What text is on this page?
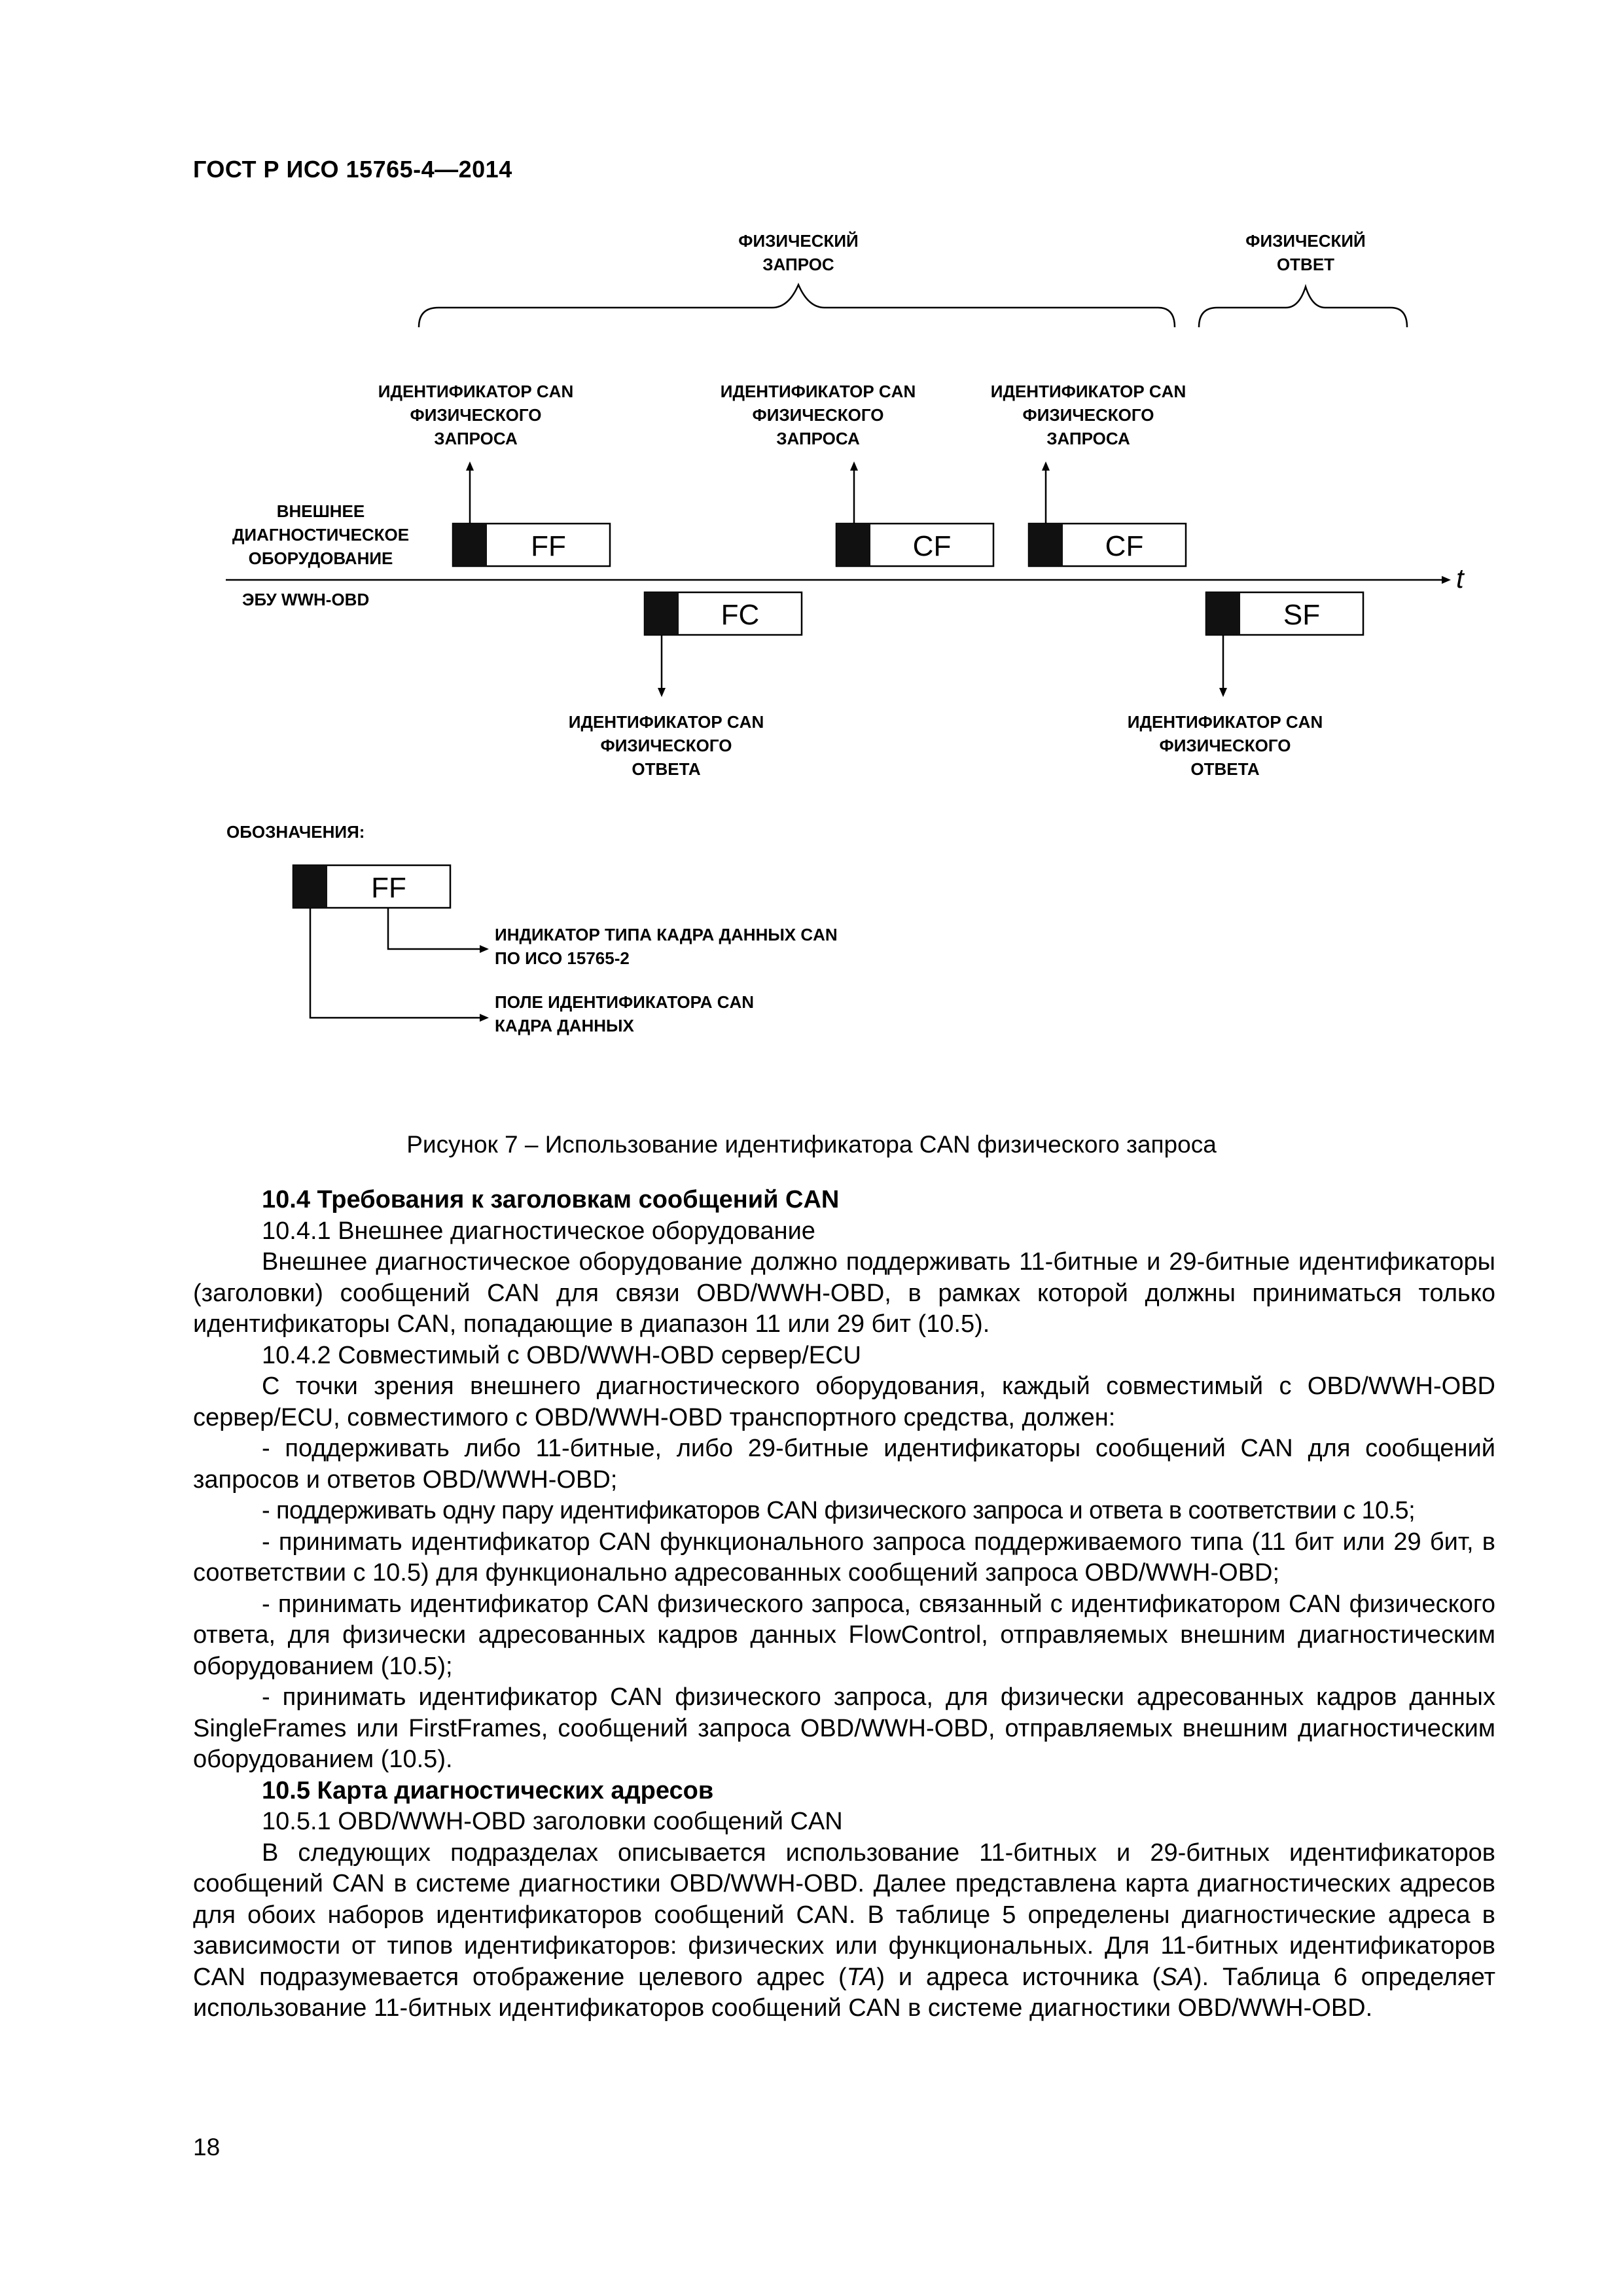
ГОСТ Р ИСО 15765-4—2014
ФИЗИЧЕСКИЙ
ЗАПРОС
ФИЗИЧЕСКИЙ
ОТВЕТ
ИДЕНТИФИКАТОР CAN
ФИЗИЧЕСКОГО
ЗАПРОСА
ИДЕНТИФИКАТОР CAN
ФИЗИЧЕСКОГО
ЗАПРОСА
ИДЕНТИФИКАТОР CAN
ФИЗИЧЕСКОГО
ЗАПРОСА
ВНЕШНЕЕ
ДИАГНОСТИЧЕСКОЕ
ОБОРУДОВАНИЕ
ЭБУ WWH-OBD
t
FF	CF	CF
FC	SF
ИДЕНТИФИКАТОР CAN
ФИЗИЧЕСКОГО
ОТВЕТА
ИДЕНТИФИКАТОР CAN
ФИЗИЧЕСКОГО
ОТВЕТА
ОБОЗНАЧЕНИЯ:
FF
ИНДИКАТОР ТИПА КАДРА ДАННЫХ CAN
ПО ИСО 15765-2
ПОЛЕ ИДЕНТИФИКАТОРА CAN
КАДРА ДАННЫХ
Рисунок 7 – Использование идентификатора CAN физического запроса

10.4 Требования к заголовкам сообщений CAN

10.4.1 Внешнее диагностическое оборудование

Внешнее диагностическое оборудование должно поддерживать 11-битные и 29-битные идентификаторы (заголовки) сообщений CAN для связи OBD/WWH-OBD, в рамках которой должны приниматься только идентификаторы CAN, попадающие в диапазон 11 или 29 бит (10.5).

10.4.2 Совместимый с OBD/WWH-OBD сервер/ECU

С точки зрения внешнего диагностического оборудования, каждый совместимый с OBD/WWH-OBD сервер/ECU, совместимого с OBD/WWH-OBD транспортного средства, должен:

- поддерживать либо 11-битные, либо 29-битные идентификаторы сообщений CAN для сообщений запросов и ответов OBD/WWH-OBD;

- поддерживать одну пару идентификаторов CAN физического запроса и ответа в соответствии с 10.5;

- принимать идентификатор CAN функционального запроса поддерживаемого типа (11 бит или 29 бит, в соответствии с 10.5) для функционально адресованных сообщений запроса OBD/WWH-OBD;

- принимать идентификатор CAN физического запроса, связанный с идентификатором CAN физического ответа, для физически адресованных кадров данных FlowControl, отправляемых внешним диагностическим оборудованием (10.5);

- принимать идентификатор CAN физического запроса, для физически адресованных кадров данных SingleFrames или FirstFrames, сообщений запроса OBD/WWH-OBD, отправляемых внешним диагностическим оборудованием (10.5).

10.5 Карта диагностических адресов

10.5.1 OBD/WWH-OBD заголовки сообщений CAN

В следующих подразделах описывается использование 11-битных и 29-битных идентификаторов сообщений CAN в системе диагностики OBD/WWH-OBD. Далее представлена карта диагностических адресов для обоих наборов идентификаторов сообщений CAN. В таблице 5 определены диагностические адреса в зависимости от типов идентификаторов: физических или функциональных. Для 11-битных идентификаторов CAN подразумевается отображение целевого адрес (TA) и адреса источника (SA). Таблица 6 определяет использование 11-битных идентификаторов сообщений CAN в системе диагностики OBD/WWH-OBD.

18
